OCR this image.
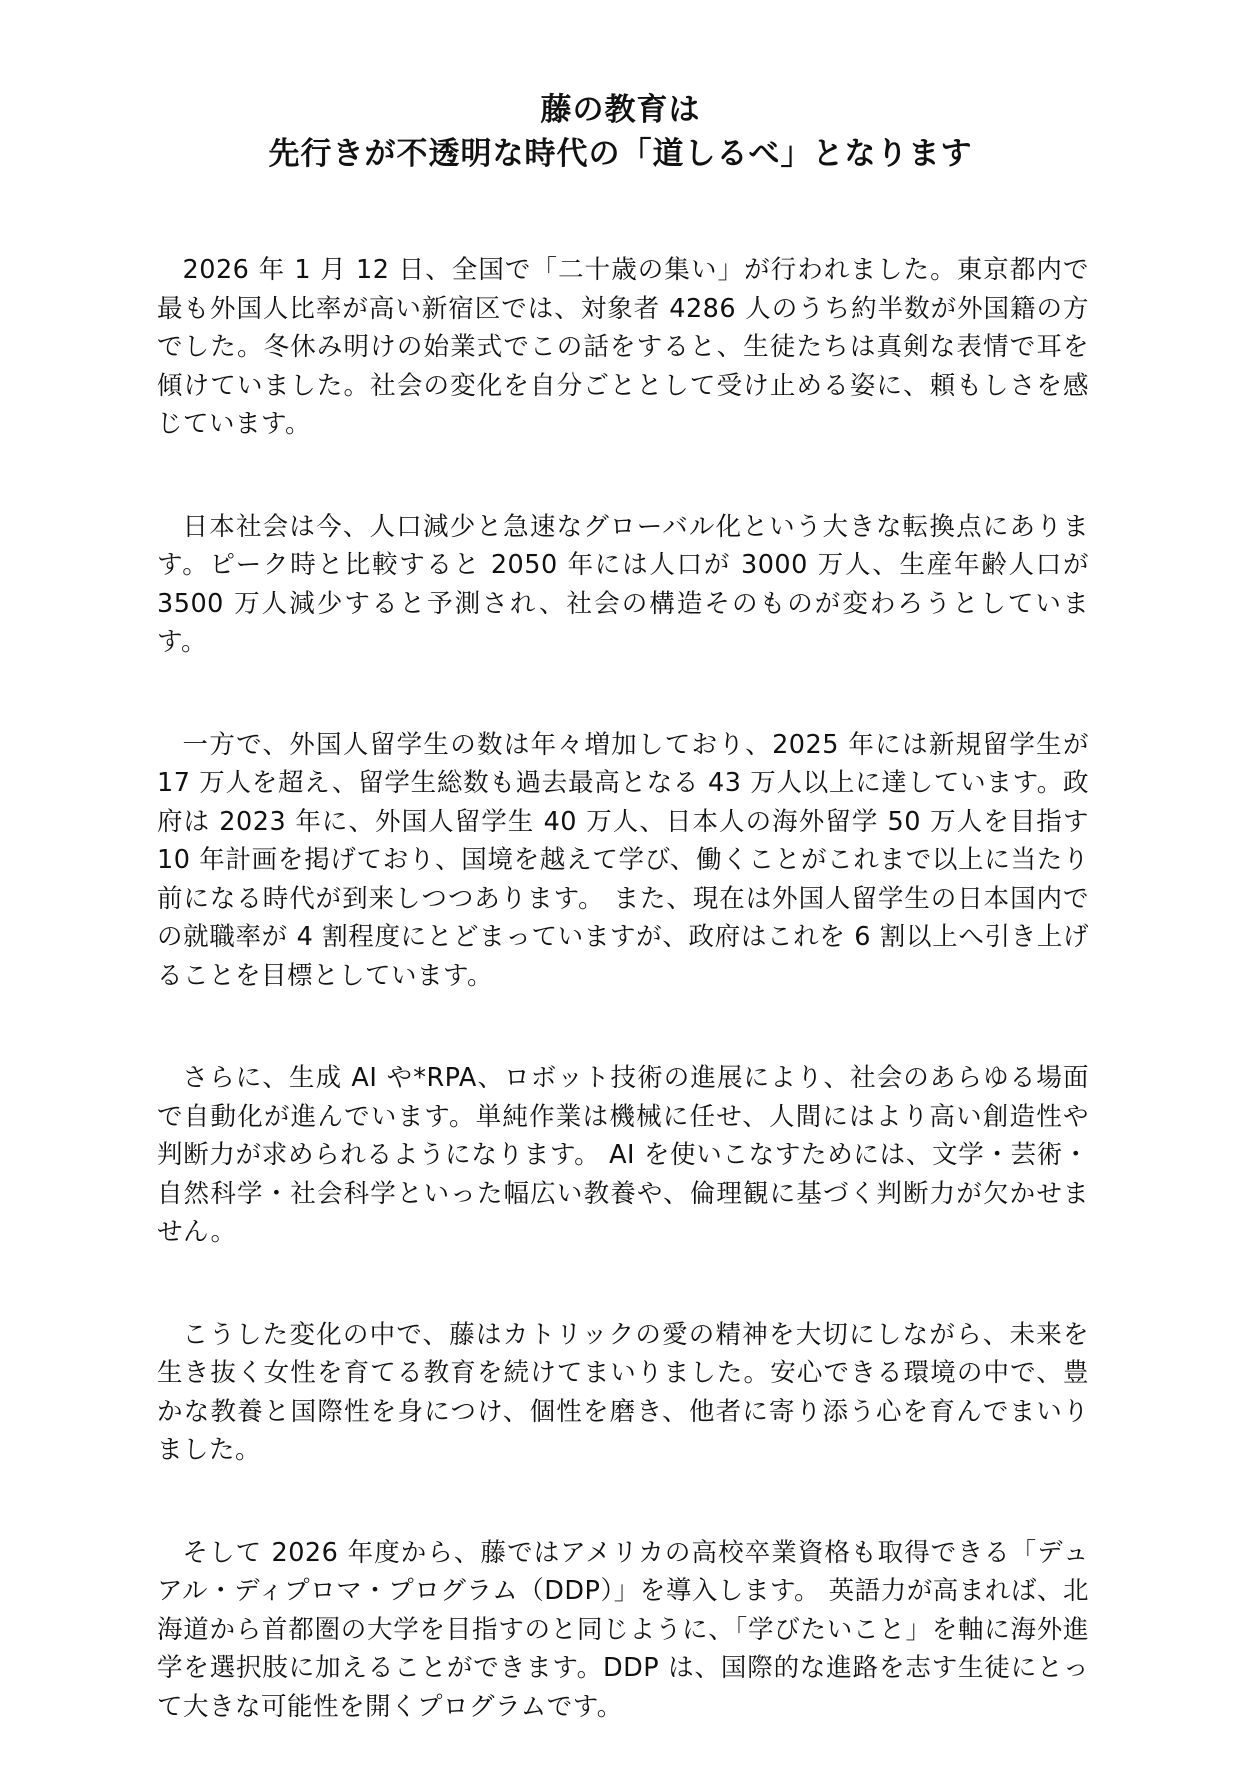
藤の教育は
先行きが不透明な時代の「道しるべ」となります

2026 年 1 月 12 日、全国で「二十歳の集い」が行われました。東京都内で最も外国人比率が高い新宿区では、対象者 4286 人のうち約半数が外国籍の方でした。冬休み明けの始業式でこの話をすると、生徒たちは真剣な表情で耳を傾けていました。社会の変化を自分ごととして受け止める姿に、頼もしさを感じています。

日本社会は今、人口減少と急速なグローバル化という大きな転換点にあります。ピーク時と比較すると 2050 年には人口が 3000 万人、生産年齢人口が 3500 万人減少すると予測され、社会の構造そのものが変わろうとしています。

一方で、外国人留学生の数は年々増加しており、2025 年には新規留学生が 17 万人を超え、留学生総数も過去最高となる 43 万人以上に達しています。政府は 2023 年に、外国人留学生 40 万人、日本人の海外留学 50 万人を目指す 10 年計画を掲げており、国境を越えて学び、働くことがこれまで以上に当たり前になる時代が到来しつつあります。 また、現在は外国人留学生の日本国内での就職率が 4 割程度にとどまっていますが、政府はこれを 6 割以上へ引き上げることを目標としています。

さらに、生成 AI や*RPA、ロボット技術の進展により、社会のあらゆる場面で自動化が進んでいます。単純作業は機械に任せ、人間にはより高い創造性や判断力が求められるようになります。 AI を使いこなすためには、文学・芸術・自然科学・社会科学といった幅広い教養や、倫理観に基づく判断力が欠かせません。

こうした変化の中で、藤はカトリックの愛の精神を大切にしながら、未来を生き抜く女性を育てる教育を続けてまいりました。安心できる環境の中で、豊かな教養と国際性を身につけ、個性を磨き、他者に寄り添う心を育んでまいりました。

そして 2026 年度から、藤ではアメリカの高校卒業資格も取得できる「デュアル・ディプロマ・プログラム（DDP）」を導入します。 英語力が高まれば、北海道から首都圏の大学を目指すのと同じように、「学びたいこと」を軸に海外進学を選択肢に加えることができます。DDP は、国際的な進路を志す生徒にとって大きな可能性を開くプログラムです。
